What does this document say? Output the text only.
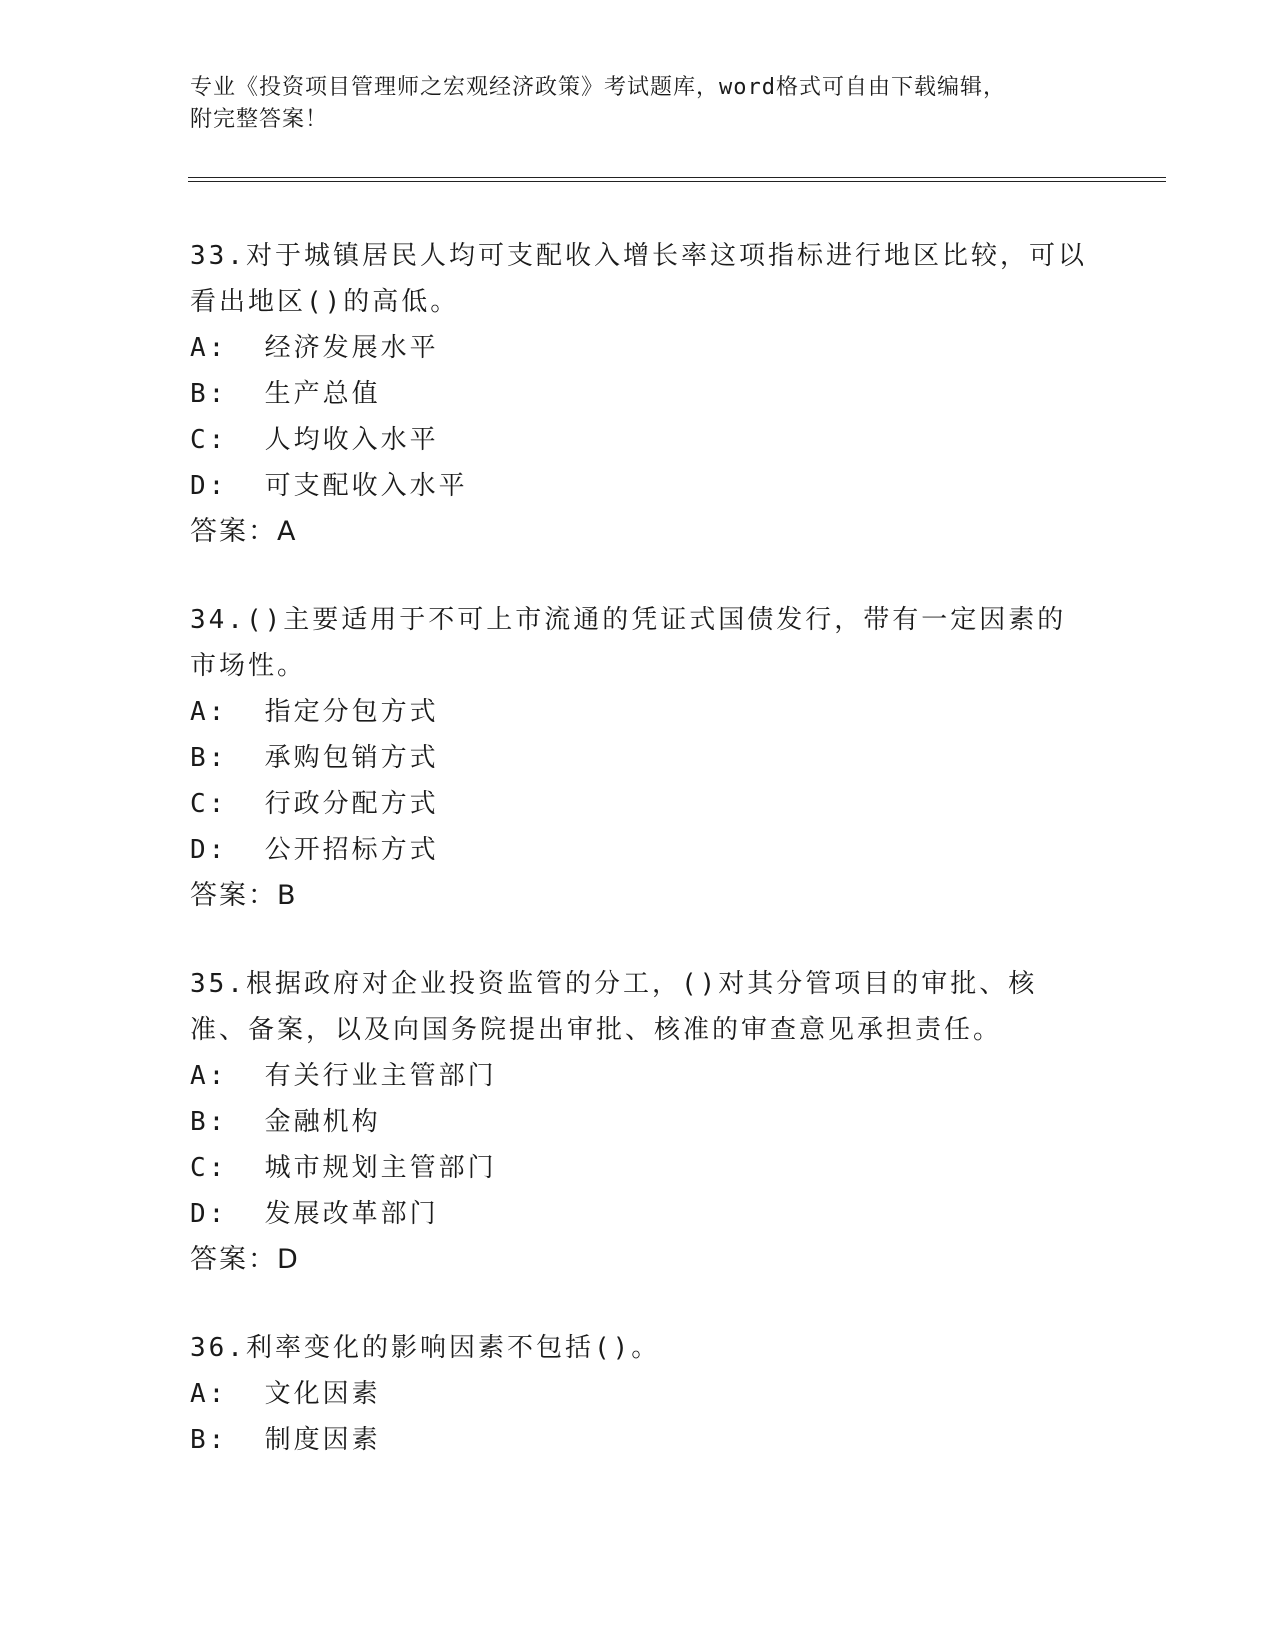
专业《投资项目管理师之宏观经济政策》考试题库，word格式可自由下载编辑，
附完整答案！

33.对于城镇居民人均可支配收入增长率这项指标进行地区比较，可以看出地区()的高低。

A:  经济发展水平

B:  生产总值

C:  人均收入水平

D:  可支配收入水平

答案：A

34.()主要适用于不可上市流通的凭证式国债发行，带有一定因素的市场性。

A:  指定分包方式

B:  承购包销方式

C:  行政分配方式

D:  公开招标方式

答案：B

35.根据政府对企业投资监管的分工，()对其分管项目的审批、核准、备案，以及向国务院提出审批、核准的审查意见承担责任。

A:  有关行业主管部门

B:  金融机构

C:  城市规划主管部门

D:  发展改革部门

答案：D

36.利率变化的影响因素不包括()。

A:  文化因素

B:  制度因素
